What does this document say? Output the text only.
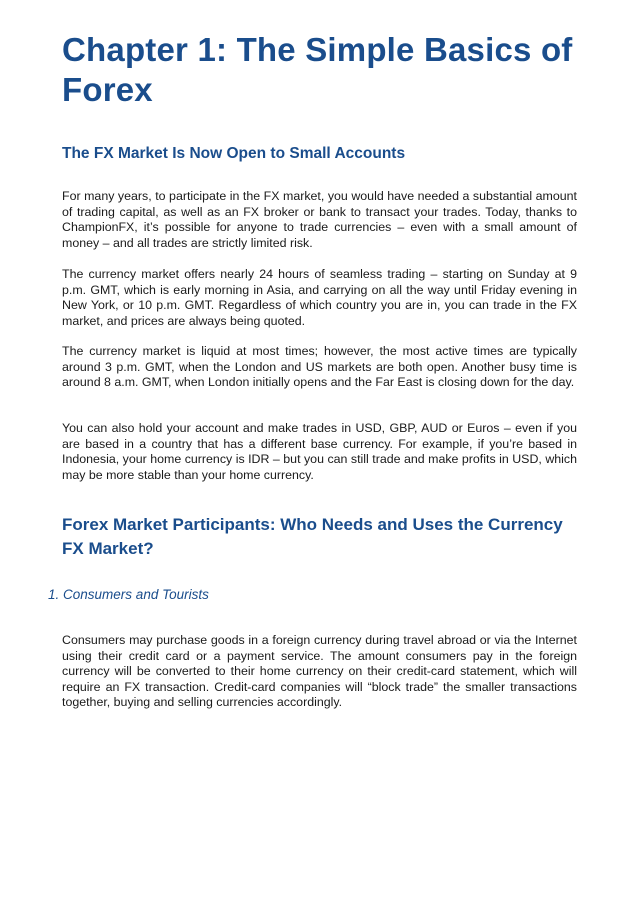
Chapter 1: The Simple Basics of Forex
The FX Market Is Now Open to Small Accounts

For many years, to participate in the FX market, you would have needed a substantial amount of trading capital, as well as an FX broker or bank to transact your trades. Today, thanks to ChampionFX, it’s possible for anyone to trade currencies – even with a small amount of money – and all trades are strictly limited risk.

The currency market offers nearly 24 hours of seamless trading – starting on Sunday at 9 p.m. GMT, which is early morning in Asia, and carrying on all the way until Friday evening in New York, or 10 p.m. GMT. Regardless of which country you are in, you can trade in the FX market, and prices are always being quoted.

The currency market is liquid at most times; however, the most active times are typically around 3 p.m. GMT, when the London and US markets are both open. Another busy time is around 8 a.m. GMT, when London initially opens and the Far East is closing down for the day.

You can also hold your account and make trades in USD, GBP, AUD or Euros – even if you are based in a country that has a different base currency. For example, if you’re based in Indonesia, your home currency is IDR – but you can still trade and make profits in USD, which may be more stable than your home currency.

Forex Market Participants: Who Needs and Uses the Currency FX Market?
1. Consumers and Tourists

Consumers may purchase goods in a foreign currency during travel abroad or via the Internet using their credit card or a payment service. The amount consumers pay in the foreign currency will be converted to their home currency on their credit-card statement, which will require an FX transaction. Credit-card companies will “block trade” the smaller transactions together, buying and selling currencies accordingly.
